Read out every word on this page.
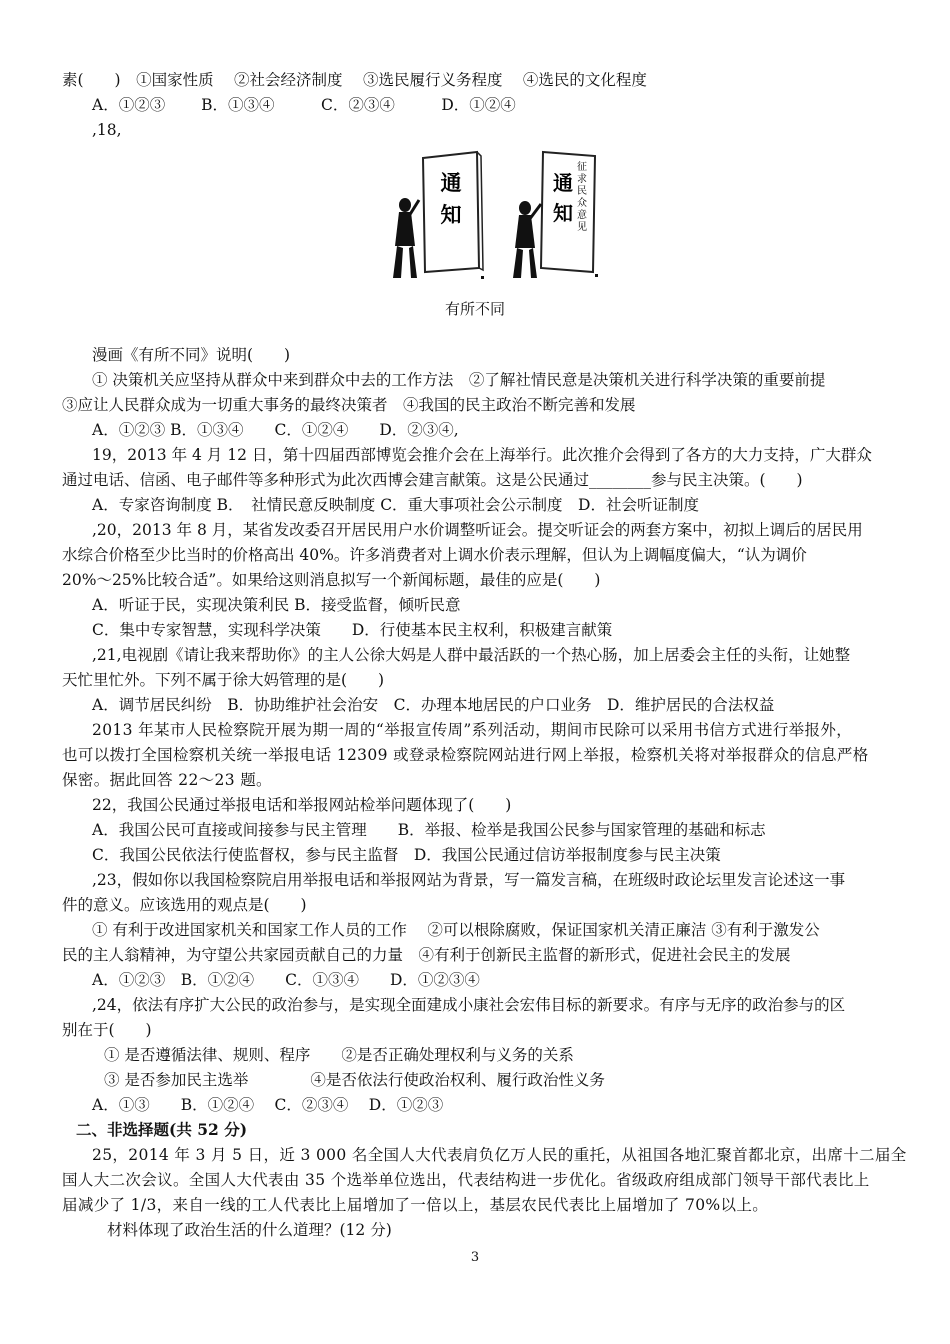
素(　　)　①国家性质　 ②社会经济制度　 ③选民履行义务程度　 ④选民的文化程度
A．①②③　　 B．①③④　　　C．②③④　　　D．①②④
,18,
通知
通知
征求民众意见
有所不同
漫画《有所不同》说明(　　)
① 决策机关应坚持从群众中来到群众中去的工作方法　②了解社情民意是决策机关进行科学决策的重要前提
③应让人民群众成为一切重大事务的最终决策者　④我国的民主政治不断完善和发展
A．①②③ B．①③④　　C．①②④　　D．②③④,
19，2013 年 4 月 12 日，第十四届西部博览会推介会在上海举行。此次推介会得到了各方的大力支持，广大群众
通过电话、信函、电子邮件等多种形式为此次西博会建言献策。这是公民通过________参与民主决策。(　　)
A．专家咨询制度 B．　社情民意反映制度 C．重大事项社会公示制度　D．社会听证制度
,20，2013 年 8 月，某省发改委召开居民用户水价调整听证会。提交听证会的两套方案中，初拟上调后的居民用
水综合价格至少比当时的价格高出 40%。许多消费者对上调水价表示理解，但认为上调幅度偏大，“认为调价
20%～25%比较合适”。如果给这则消息拟写一个新闻标题，最佳的应是(　　)
A．听证于民，实现决策利民 B．接受监督，倾听民意
C．集中专家智慧，实现科学决策　　D．行使基本民主权利，积极建言献策
,21,电视剧《请让我来帮助你》的主人公徐大妈是人群中最活跃的一个热心肠，加上居委会主任的头衔，让她整
天忙里忙外。下列不属于徐大妈管理的是(　　)
A．调节居民纠纷　B．协助维护社会治安　C．办理本地居民的户口业务　D．维护居民的合法权益
2013 年某市人民检察院开展为期一周的“举报宣传周”系列活动，期间市民除可以采用书信方式进行举报外，
也可以拨打全国检察机关统一举报电话 12309 或登录检察院网站进行网上举报，检察机关将对举报群众的信息严格
保密。据此回答 22～23 题。
22，我国公民通过举报电话和举报网站检举问题体现了(　　)
A．我国公民可直接或间接参与民主管理　　B．举报、检举是我国公民参与国家管理的基础和标志
C．我国公民依法行使监督权，参与民主监督　D．我国公民通过信访举报制度参与民主决策
,23，假如你以我国检察院启用举报电话和举报网站为背景，写一篇发言稿，在班级时政论坛里发言论述这一事
件的意义。应该选用的观点是(　　)
① 有利于改进国家机关和国家工作人员的工作　 ②可以根除腐败，保证国家机关清正廉洁 ③有利于激发公
民的主人翁精神，为守望公共家园贡献自己的力量　④有利于创新民主监督的新形式，促进社会民主的发展
A．①②③　B．①②④　　C．①③④　　D．①②③④
,24，依法有序扩大公民的政治参与，是实现全面建成小康社会宏伟目标的新要求。有序与无序的政治参与的区
别在于(　　)
① 是否遵循法律、规则、程序　　②是否正确处理权利与义务的关系
③ 是否参加民主选举　　　　④是否依法行使政治权利、履行政治性义务
A．①③　　B．①②④　 C．②③④　 D．①②③
二、非选择题(共 52 分)
25，2014 年 3 月 5 日，近 3 000 名全国人大代表肩负亿万人民的重托，从祖国各地汇聚首都北京，出席十二届全
国人大二次会议。全国人大代表由 35 个选举单位选出，代表结构进一步优化。省级政府组成部门领导干部代表比上
届减少了 1/3，来自一线的工人代表比上届增加了一倍以上，基层农民代表比上届增加了 70%以上。
材料体现了政治生活的什么道理？(12 分)
3
